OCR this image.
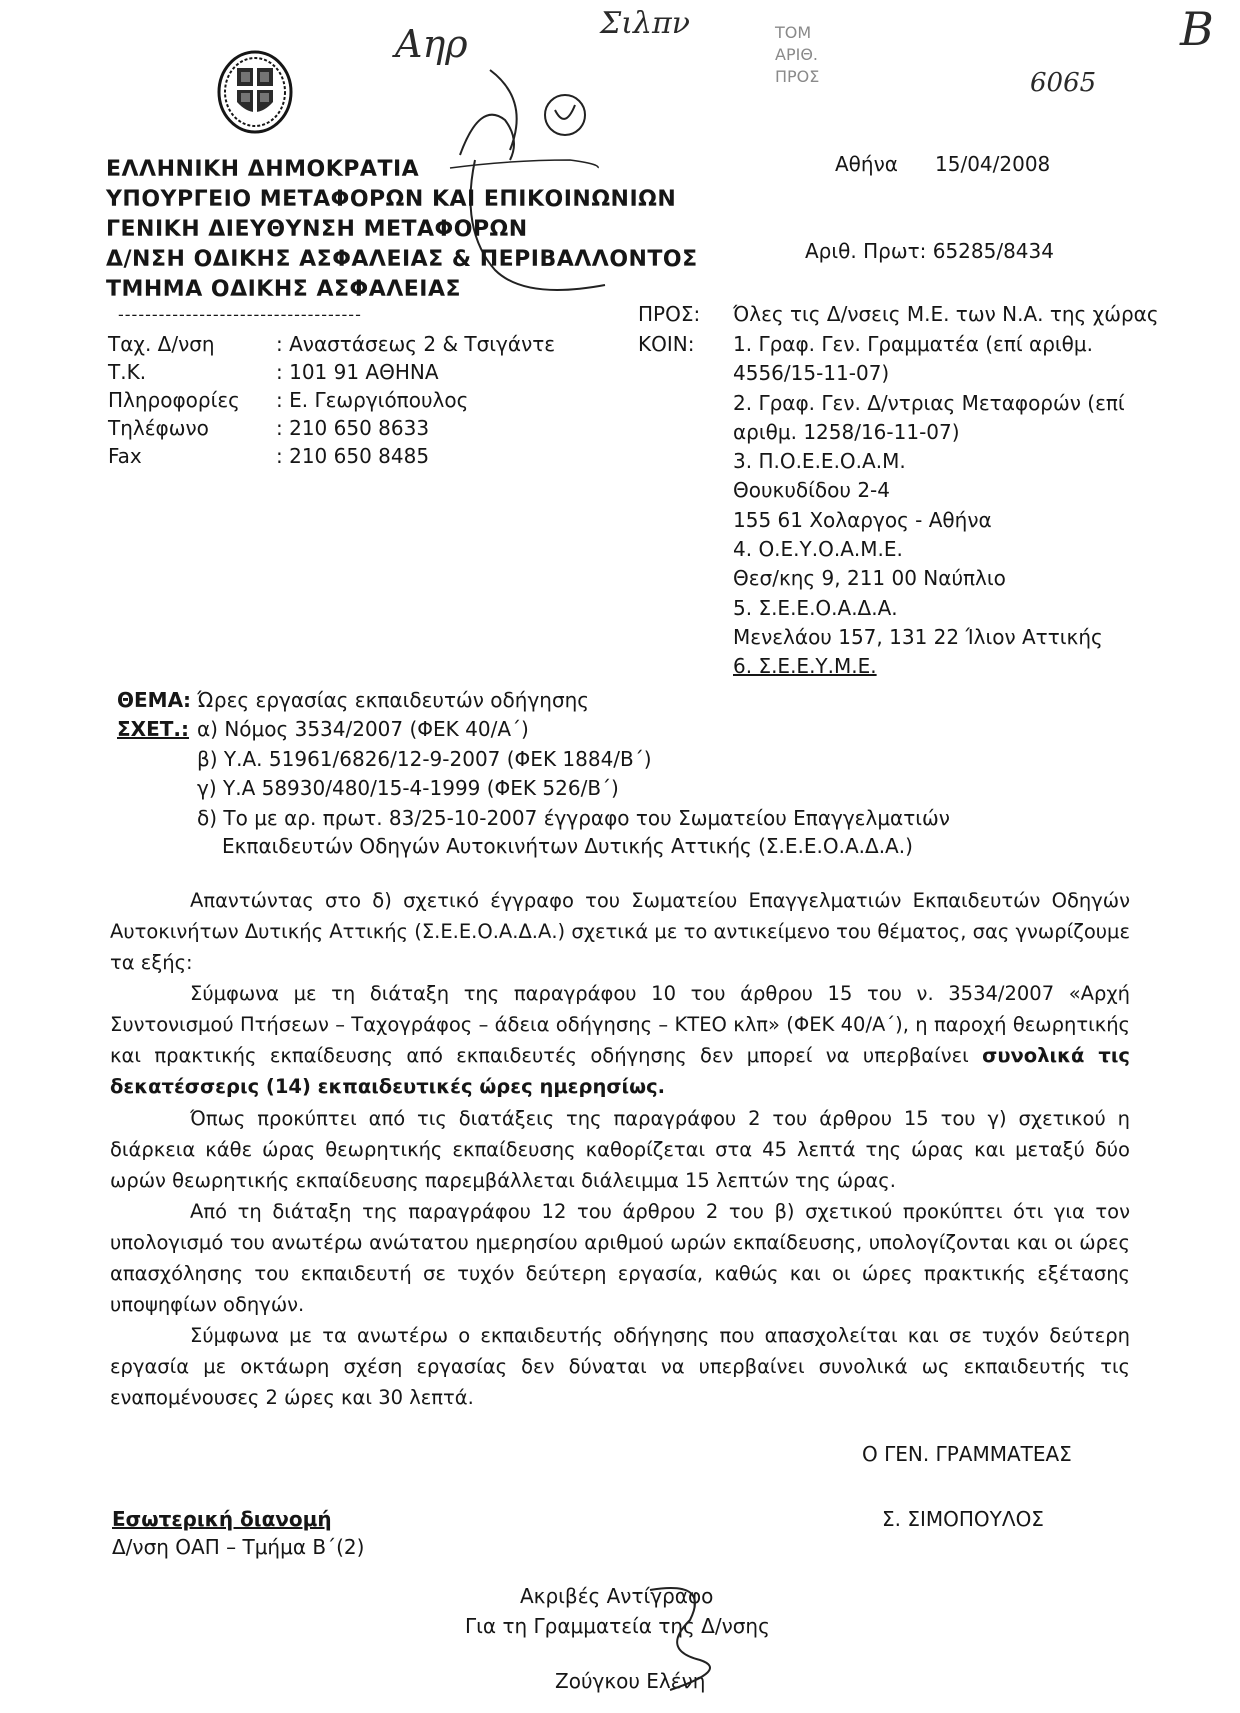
Αηρ	Σιλπν	ΤΟΜ
ΑΡΙΘ.
ΠΡΟΣ	6065
Β
ΕΛΛΗΝΙΚΗ ΔΗΜΟΚΡΑΤΙΑ
ΥΠΟΥΡΓΕΙΟ ΜΕΤΑΦΟΡΩΝ ΚΑΙ ΕΠΙΚΟΙΝΩΝΙΩΝ
ΓΕΝΙΚΗ ΔΙΕΥΘΥΝΣΗ ΜΕΤΑΦΟΡΩΝ
Δ/ΝΣΗ ΟΔΙΚΗΣ ΑΣΦΑΛΕΙΑΣ & ΠΕΡΙΒΑΛΛΟΝΤΟΣ
ΤΜΗΜΑ ΟΔΙΚΗΣ ΑΣΦΑΛΕΙΑΣ
------------------------------------
Αθήνα 15/04/2008
Αριθ. Πρωτ: 65285/8434
Ταχ. Δ/νση	: Αναστάσεως 2 & Τσιγάντε
Τ.Κ.	: 101 91 ΑΘΗΝΑ
Πληροφορίες	: Ε. Γεωργιόπουλος
Τηλέφωνο	: 210 650 8633
Fax	: 210 650 8485
ΠΡΟΣ: Όλες τις Δ/νσεις Μ.Ε. των Ν.Α. της χώρας
ΚΟΙΝ: 1. Γραφ. Γεν. Γραμματέα (επί αριθμ.
4556/15-11-07)
2. Γραφ. Γεν. Δ/ντριας Μεταφορών (επί
αριθμ. 1258/16-11-07)
3. Π.Ο.Ε.Ε.Ο.Α.Μ.
Θουκυδίδου 2-4
155 61 Χολαργος - Αθήνα
4. Ο.Ε.Υ.Ο.Α.Μ.Ε.
Θεσ/κης 9, 211 00 Ναύπλιο
5. Σ.Ε.Ε.Ο.Α.Δ.Α.
Μενελάου 157, 131 22 Ίλιον Αττικής
6. Σ.Ε.Ε.Υ.Μ.Ε.
ΘΕΜΑ: Ώρες εργασίας εκπαιδευτών οδήγησης
ΣΧΕΤ.: α) Νόμος 3534/2007 (ΦΕΚ 40/Α΄)
β) Υ.Α. 51961/6826/12-9-2007 (ΦΕΚ 1884/Β΄)
γ) Υ.Α 58930/480/15-4-1999 (ΦΕΚ 526/Β΄)
δ) Το με αρ. πρωτ. 83/25-10-2007 έγγραφο του Σωματείου Επαγγελματιών
Εκπαιδευτών Οδηγών Αυτοκινήτων Δυτικής Αττικής (Σ.Ε.Ε.Ο.Α.Δ.Α.)
Απαντώντας στο δ) σχετικό έγγραφο του Σωματείου Επαγγελματιών Εκπαιδευτών Οδηγών Αυτοκινήτων Δυτικής Αττικής (Σ.Ε.Ε.Ο.Α.Δ.Α.) σχετικά με το αντικείμενο του θέματος, σας γνωρίζουμε τα εξής:
Σύμφωνα με τη διάταξη της παραγράφου 10 του άρθρου 15 του ν. 3534/2007 «Αρχή Συντονισμού Πτήσεων – Ταχογράφος – άδεια οδήγησης – ΚΤΕΟ κλπ» (ΦΕΚ 40/Α΄), η παροχή θεωρητικής και πρακτικής εκπαίδευσης από εκπαιδευτές οδήγησης δεν μπορεί να υπερβαίνει συνολικά τις δεκατέσσερις (14) εκπαιδευτικές ώρες ημερησίως.
Όπως προκύπτει από τις διατάξεις της παραγράφου 2 του άρθρου 15 του γ) σχετικού η διάρκεια κάθε ώρας θεωρητικής εκπαίδευσης καθορίζεται στα 45 λεπτά της ώρας και μεταξύ δύο ωρών θεωρητικής εκπαίδευσης παρεμβάλλεται διάλειμμα 15 λεπτών της ώρας.
Από τη διάταξη της παραγράφου 12 του άρθρου 2 του β) σχετικού προκύπτει ότι για τον υπολογισμό του ανωτέρω ανώτατου ημερησίου αριθμού ωρών εκπαίδευσης, υπολογίζονται και οι ώρες απασχόλησης του εκπαιδευτή σε τυχόν δεύτερη εργασία, καθώς και οι ώρες πρακτικής εξέτασης υποψηφίων οδηγών.
Σύμφωνα με τα ανωτέρω ο εκπαιδευτής οδήγησης που απασχολείται και σε τυχόν δεύτερη εργασία με οκτάωρη σχέση εργασίας δεν δύναται να υπερβαίνει συνολικά ως εκπαιδευτής τις εναπομένουσες 2 ώρες και 30 λεπτά.
Ο ΓΕΝ. ΓΡΑΜΜΑΤΕΑΣ
Σ. ΣΙΜΟΠΟΥΛΟΣ
Εσωτερική διανομή
Δ/νση ΟΑΠ – Τμήμα Β΄(2)
Ακριβές Αντίγραφο
Για τη Γραμματεία της Δ/νσης
Ζούγκου Ελένη
